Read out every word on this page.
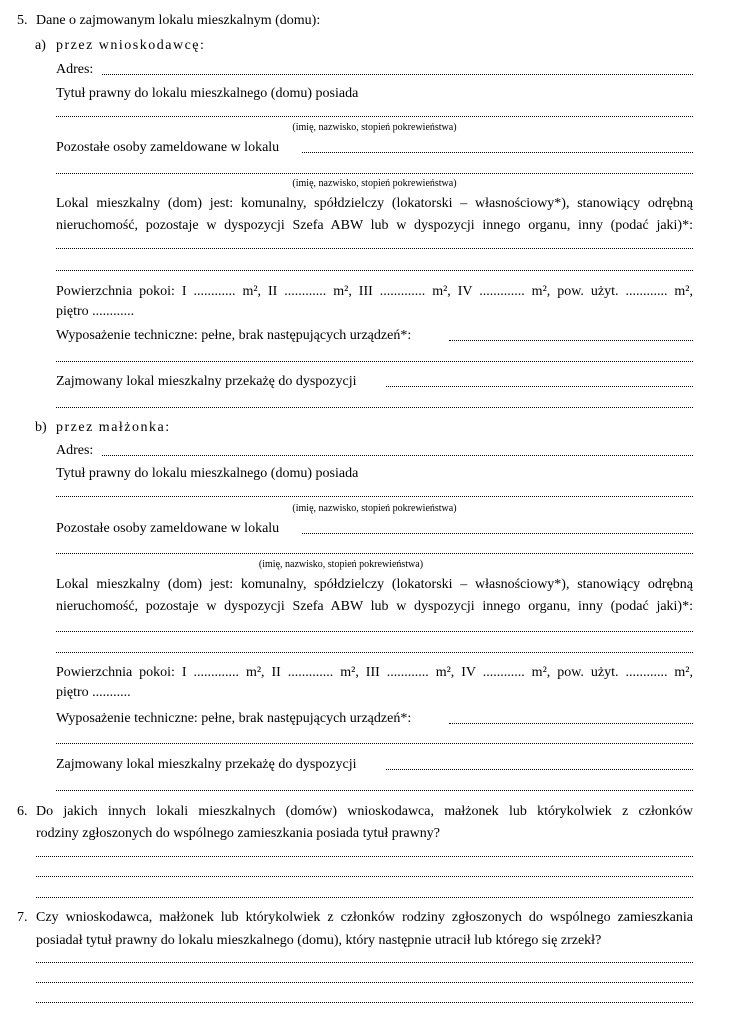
5. Dane o zajmowanym lokalu mieszkalnym (domu):
a) przez wnioskodawcę:
Adres:
Tytuł prawny do lokalu mieszkalnego (domu) posiada
(imię, nazwisko, stopień pokrewieństwa)
Pozostałe osoby zameldowane w lokalu
(imię, nazwisko, stopień pokrewieństwa)
Lokal mieszkalny (dom) jest: komunalny, spółdzielczy (lokatorski – własnościowy*), stanowiący odrębną
nieruchomość, pozostaje w dyspozycji Szefa ABW lub w dyspozycji innego organu, inny (podać jaki)*:
Powierzchnia pokoi: I ............ m², II ............ m², III ............. m², IV ............. m², pow. użyt. ............ m²,
piętro ............
Wyposażenie techniczne: pełne, brak następujących urządzeń*:
Zajmowany lokal mieszkalny przekażę do dyspozycji
b) przez małżonka:
Adres:
Tytuł prawny do lokalu mieszkalnego (domu) posiada
(imię, nazwisko, stopień pokrewieństwa)
Pozostałe osoby zameldowane w lokalu
(imię, nazwisko, stopień pokrewieństwa)
Lokal mieszkalny (dom) jest: komunalny, spółdzielczy (lokatorski – własnościowy*), stanowiący odrębną
nieruchomość, pozostaje w dyspozycji Szefa ABW lub w dyspozycji innego organu, inny (podać jaki)*:
Powierzchnia pokoi: I ............. m², II ............. m², III ............ m², IV ............ m², pow. użyt. ............ m²,
piętro ...........
Wyposażenie techniczne: pełne, brak następujących urządzeń*:
Zajmowany lokal mieszkalny przekażę do dyspozycji
6. Do jakich innych lokali mieszkalnych (domów) wnioskodawca, małżonek lub którykolwiek z członków
rodziny zgłoszonych do wspólnego zamieszkania posiada tytuł prawny?
7. Czy wnioskodawca, małżonek lub którykolwiek z członków rodziny zgłoszonych do wspólnego zamieszkania
posiadał tytuł prawny do lokalu mieszkalnego (domu), który następnie utracił lub którego się zrzekł?
